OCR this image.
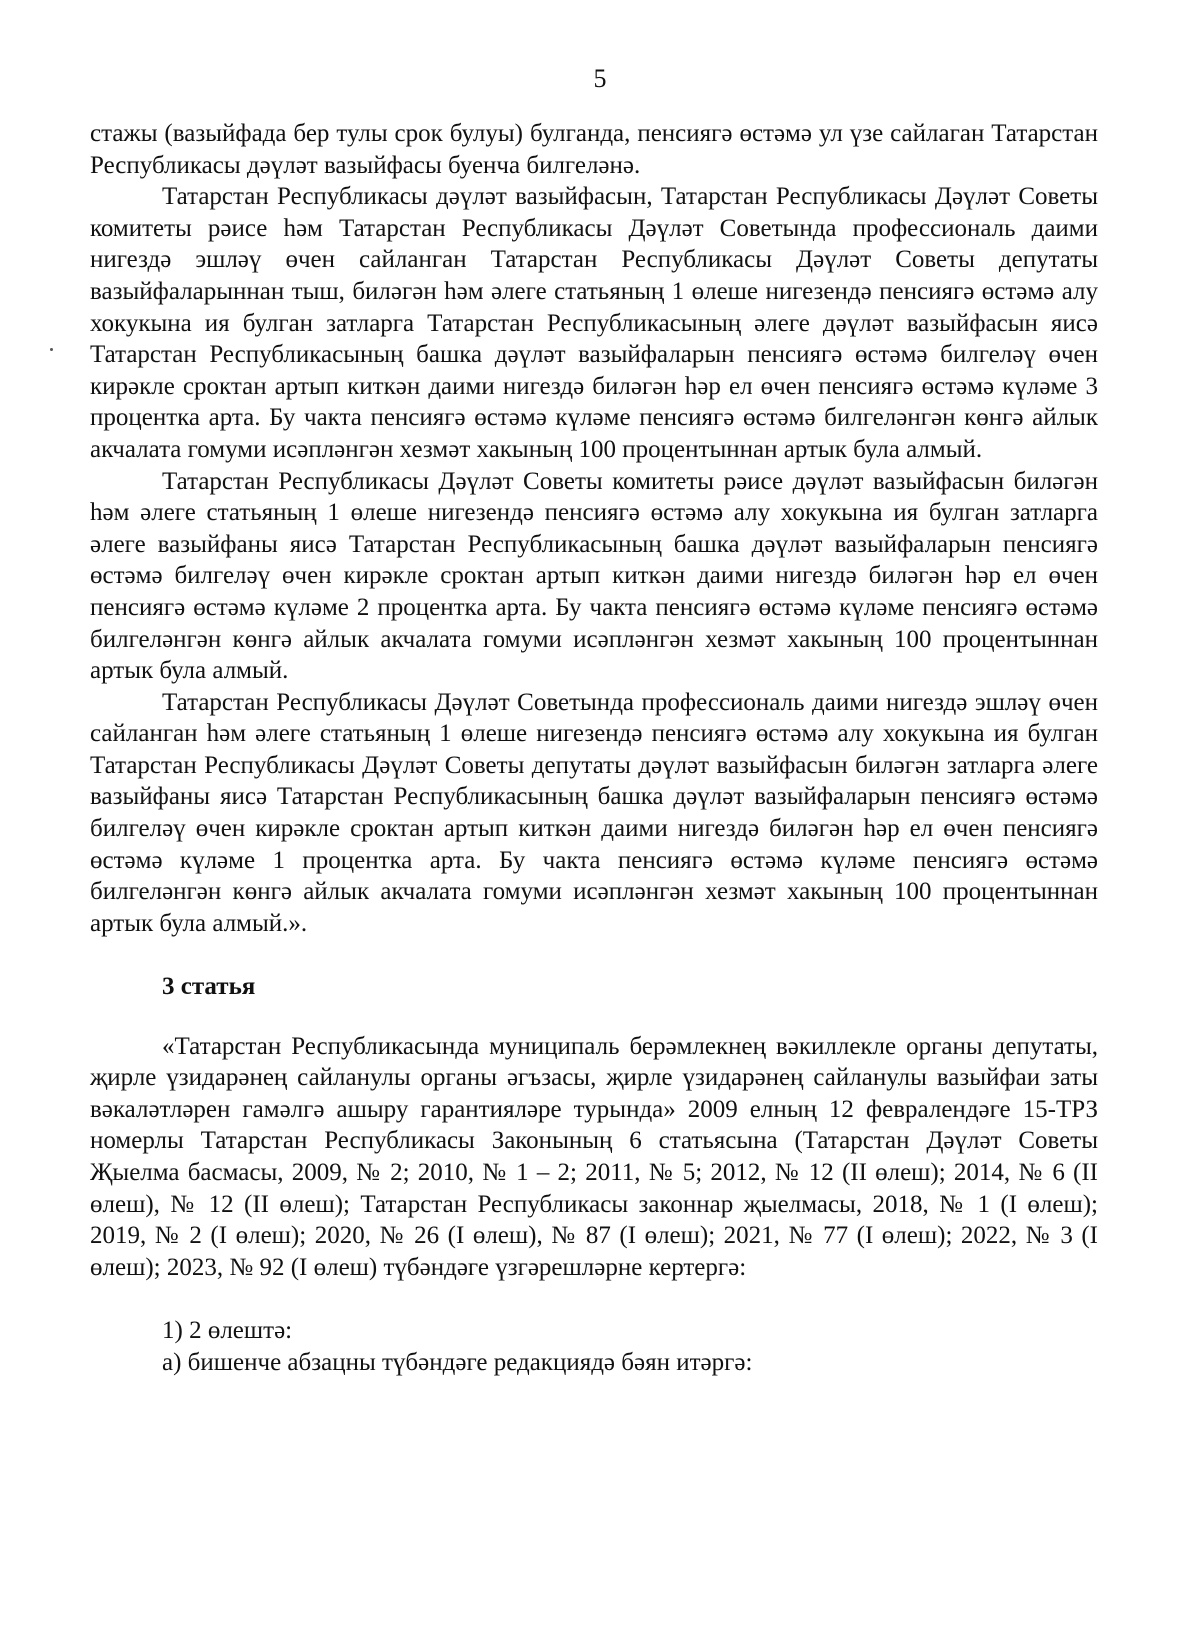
5

стажы (вазыйфада бер тулы срок булуы) булганда, пенсиягә өстәмә ул үзе сайлаган Татарстан Республикасы дәүләт вазыйфасы буенча билгеләнә.

Татарстан Республикасы дәүләт вазыйфасын, Татарстан Республикасы Дәүләт Советы комитеты рәисе һәм Татарстан Республикасы Дәүләт Советында профессиональ даими нигездә эшләү өчен сайланган Татарстан Республикасы Дәүләт Советы депутаты вазыйфаларыннан тыш, биләгән һәм әлеге статьяның 1 өлеше нигезендә пенсиягә өстәмә алу хокукына ия булган затларга Татарстан Республикасының әлеге дәүләт вазыйфасын яисә Татарстан Республикасының башка дәүләт вазыйфаларын пенсиягә өстәмә билгеләү өчен кирәкле сроктан артып киткән даими нигездә биләгән һәр ел өчен пенсиягә өстәмә күләме 3 процентка арта. Бу чакта пенсиягә өстәмә күләме пенсиягә өстәмә билгеләнгән көнгә айлык акчалата гомуми исәпләнгән хезмәт хакының 100 процентыннан артык була алмый.

Татарстан Республикасы Дәүләт Советы комитеты рәисе дәүләт вазыйфасын биләгән һәм әлеге статьяның 1 өлеше нигезендә пенсиягә өстәмә алу хокукына ия булган затларга әлеге вазыйфаны яисә Татарстан Республикасының башка дәүләт вазыйфаларын пенсиягә өстәмә билгеләү өчен кирәкле сроктан артып киткән даими нигездә биләгән һәр ел өчен пенсиягә өстәмә күләме 2 процентка арта. Бу чакта пенсиягә өстәмә күләме пенсиягә өстәмә билгеләнгән көнгә айлык акчалата гомуми исәпләнгән хезмәт хакының 100 процентыннан артык була алмый.

Татарстан Республикасы Дәүләт Советында профессиональ даими нигездә эшләү өчен сайланган һәм әлеге статьяның 1 өлеше нигезендә пенсиягә өстәмә алу хокукына ия булган Татарстан Республикасы Дәүләт Советы депутаты дәүләт вазыйфасын биләгән затларга әлеге вазыйфаны яисә Татарстан Республикасының башка дәүләт вазыйфаларын пенсиягә өстәмә билгеләү өчен кирәкле сроктан артып киткән даими нигездә биләгән һәр ел өчен пенсиягә өстәмә күләме 1 процентка арта. Бу чакта пенсиягә өстәмә күләме пенсиягә өстәмә билгеләнгән көнгә айлык акчалата гомуми исәпләнгән хезмәт хакының 100 процентыннан артык була алмый.».

3 статья

«Татарстан Республикасында муниципаль берәмлекнең вәкиллекле органы депутаты, җирле үзидарәнең сайланулы органы әгъзасы, җирле үзидарәнең сайланулы вазыйфаи заты вәкаләтләрен гамәлгә ашыру гарантияләре турында» 2009 елның 12 февралендәге 15-ТРЗ номерлы Татарстан Республикасы Законының 6 статьясына (Татарстан Дәүләт Советы Җыелма басмасы, 2009, № 2; 2010, № 1 – 2; 2011, № 5; 2012, № 12 (II өлеш); 2014, № 6 (II өлеш), № 12 (II өлеш); Татарстан Республикасы законнар җыелмасы, 2018, № 1 (I өлеш); 2019, № 2 (I өлеш); 2020, № 26 (I өлеш), № 87 (I өлеш); 2021, № 77 (I өлеш); 2022, № 3 (I өлеш); 2023, № 92 (I өлеш) түбәндәге үзгәрешләрне кертергә:

1) 2 өлештә:

а) бишенче абзацны түбәндәге редакциядә бәян итәргә:
